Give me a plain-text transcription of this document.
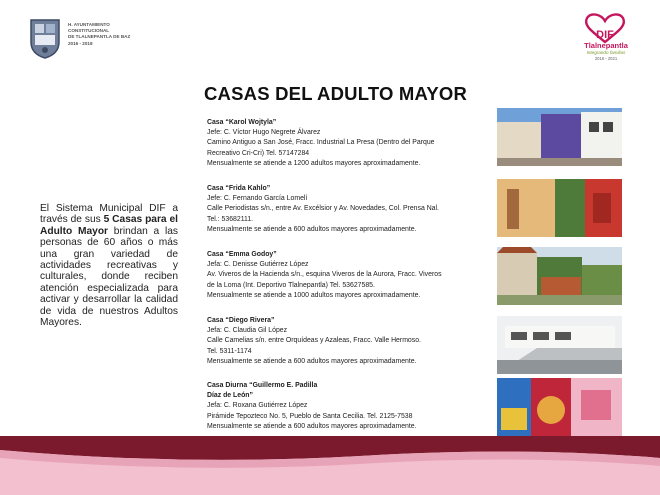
H. AYUNTAMIENTO
CONSTITUCIONAL
DE TLALNEPANTLA DE BAZ
2016 - 2018
DIF
Tlalnepantla
Integrando familias
2016 - 2021
CASAS DEL ADULTO MAYOR
El Sistema Municipal DIF a través de sus 5 Casas para el Adulto Mayor brindan a las personas de 60 años o más una gran variedad de actividades recreativas y culturales, donde reciben atención especializada para activar y desarrollar la calidad de vida de nuestros Adultos Mayores.
Casa “Karol Wojtyla”
Jefe: C. Víctor Hugo Negrete Álvarez
Camino Antiguo a San José, Fracc. Industrial La Presa (Dentro del Parque
Recreativo Cri-Cri) Tel. 57147284
Mensualmente se atiende a 1200 adultos mayores aproximadamente.
Casa “Frida Kahlo”
Jefe: C. Fernando García Lomelí
Calle Periodistas s/n., entre Av. Excélsior y Av. Novedades, Col. Prensa Nal.
Tel.: 53682111.
Mensualmente se atiende a 600 adultos mayores aproximadamente.
Casa “Emma Godoy”
Jefa: C. Denisse Gutiérrez López
Av. Viveros de la Hacienda s/n., esquina Viveros de la Aurora, Fracc. Viveros
de la Loma (Int. Deportivo Tlalnepantla) Tel. 53627585.
Mensualmente se atiende a 1000 adultos mayores aproximadamente.
Casa “Diego Rivera”
Jefa: C. Claudia Gil López
Calle Camelias s/n. entre Orquídeas y Azaleas, Fracc. Valle Hermoso.
Tel. 5311-1174
Mensualmente se atiende a 600 adultos mayores aproximadamente.
Casa Diurna “Guillermo E. Padilla
Díaz de León”
Jefa: C. Roxana Gutiérrez López
Pirámide Tepozteco No. 5, Pueblo de Santa Cecilia. Tel. 2125-7538
Mensualmente se atiende a 600 adultos mayores aproximadamente.
